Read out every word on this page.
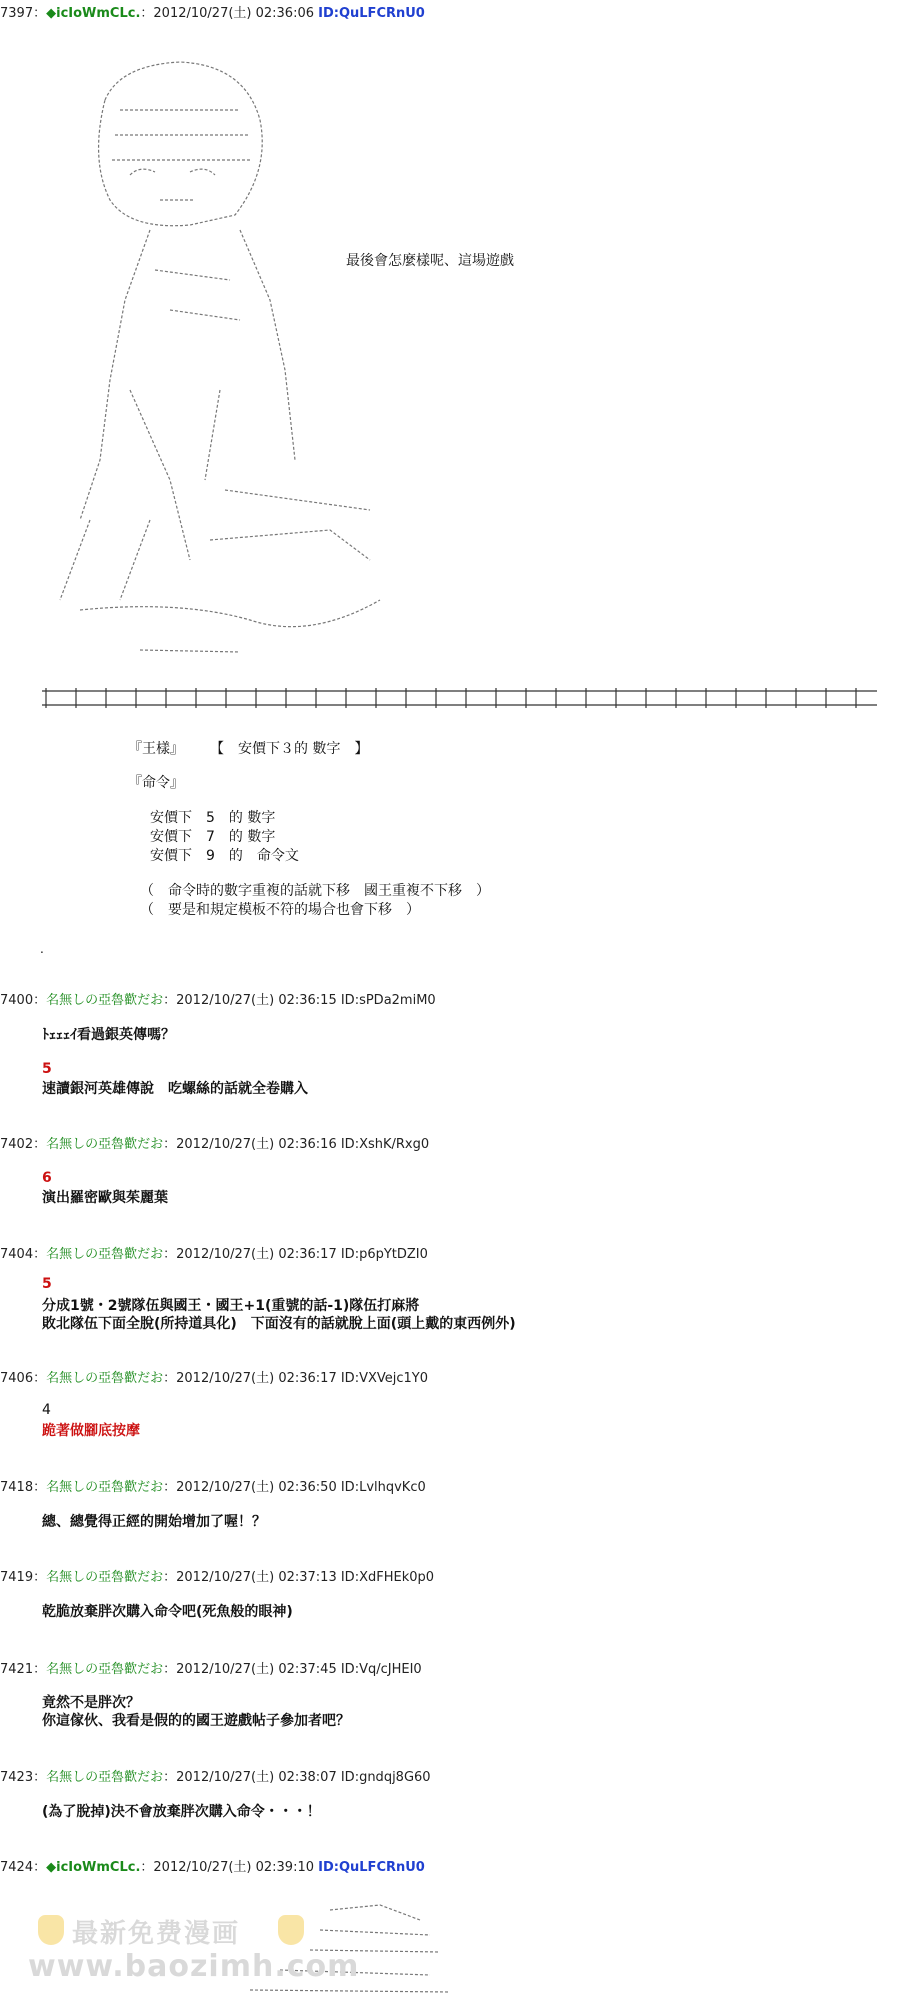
7397：◆icIoWmCLc.：2012/10/27(土) 02:36:06 ID:QuLFCRnU0
最後會怎麼樣呢、這場遊戲
『王樣』 【　安價下３的 數字　】
『命令』
安價下　5　的 數字
安價下　7　的 數字
安價下　9　的　命令文
（　命令時的數字重複的話就下移　國王重複不下移　）
（　要是和規定模板不符的場合也會下移　）
.
7400：名無しの亞魯歡だお：2012/10/27(土) 02:36:15 ID:sPDa2miM0
ﾄｪｪｪｲ看過銀英傳嗎？
5
速讀銀河英雄傳說　吃螺絲的話就全卷購入
7402：名無しの亞魯歡だお：2012/10/27(土) 02:36:16 ID:XshK/Rxg0
6
演出羅密歐與茱麗葉
7404：名無しの亞魯歡だお：2012/10/27(土) 02:36:17 ID:p6pYtDZI0
5
分成1號・2號隊伍與國王・國王+1(重號的話-1)隊伍打麻將
敗北隊伍下面全脫(所持道具化)　下面沒有的話就脫上面(頭上戴的東西例外)
7406：名無しの亞魯歡だお：2012/10/27(土) 02:36:17 ID:VXVejc1Y0
4
跪著做腳底按摩
7418：名無しの亞魯歡だお：2012/10/27(土) 02:36:50 ID:LvlhqvKc0
總、總覺得正經的開始增加了喔！？
7419：名無しの亞魯歡だお：2012/10/27(土) 02:37:13 ID:XdFHEk0p0
乾脆放棄胖次購入命令吧(死魚般的眼神)
7421：名無しの亞魯歡だお：2012/10/27(土) 02:37:45 ID:Vq/cJHEI0
竟然不是胖次？
你這傢伙、我看是假的的國王遊戲帖子參加者吧？
7423：名無しの亞魯歡だお：2012/10/27(土) 02:38:07 ID:gndqj8G60
(為了脫掉)決不會放棄胖次購入命令・・・！
7424：◆icIoWmCLc.：2012/10/27(土) 02:39:10 ID:QuLFCRnU0
最新免费漫画
www.baozimh.com
